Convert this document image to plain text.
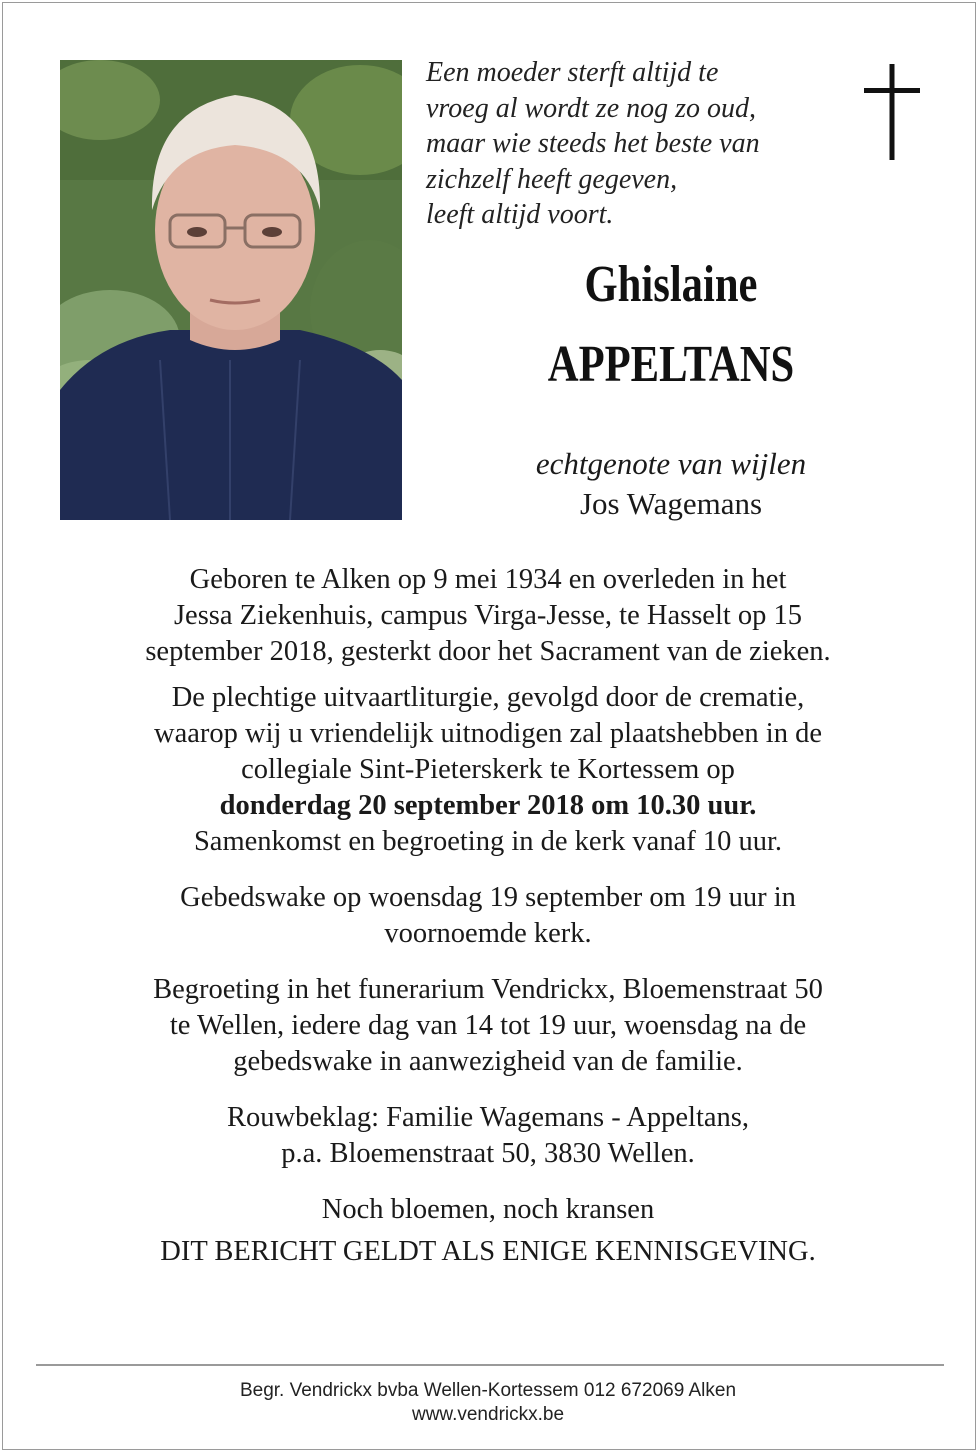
Een moeder sterft altijd te
vroeg al wordt ze nog zo oud,
maar wie steeds het beste van
zichzelf heeft gegeven,
leeft altijd voort.
Ghislaine
APPELTANS
echtgenote van wijlen
Jos Wagemans

Geboren te Alken op 9 mei 1934 en overleden in het
Jessa Ziekenhuis, campus Virga-Jesse, te Hasselt op 15
september 2018, gesterkt door het Sacrament van de zieken.

De plechtige uitvaartliturgie, gevolgd door de crematie,
waarop wij u vriendelijk uitnodigen zal plaatshebben in de
collegiale Sint-Pieterskerk te Kortessem op
donderdag 20 september 2018 om 10.30 uur.
Samenkomst en begroeting in de kerk vanaf 10 uur.

Gebedswake op woensdag 19 september om 19 uur in
voornoemde kerk.

Begroeting in het funerarium Vendrickx, Bloemenstraat 50
te Wellen, iedere dag van 14 tot 19 uur, woensdag na de
gebedswake in aanwezigheid van de familie.

Rouwbeklag: Familie Wagemans - Appeltans,
p.a. Bloemenstraat 50, 3830 Wellen.

Noch bloemen, noch kransen

DIT BERICHT GELDT ALS ENIGE KENNISGEVING.

Begr. Vendrickx bvba Wellen-Kortessem 012 672069 Alken
www.vendrickx.be
